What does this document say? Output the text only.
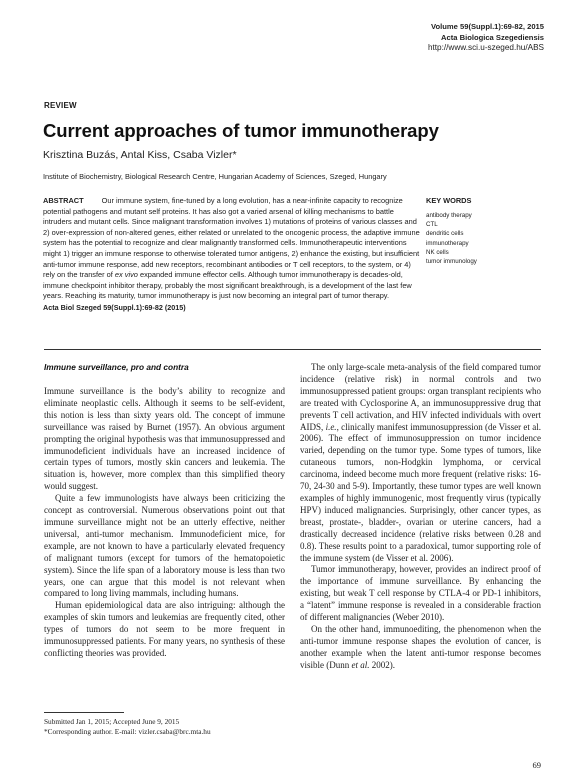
Volume 59(Suppl.1):69-82, 2015
Acta Biologica Szegediensis
http://www.sci.u-szeged.hu/ABS
REVIEW
Current approaches of tumor immunotherapy
Krisztina Buzás, Antal Kiss, Csaba Vizler*
Institute of Biochemistry, Biological Research Centre, Hungarian Academy of Sciences, Szeged, Hungary
ABSTRACT Our immune system, fine-tuned by a long evolution, has a near-infinite capacity to recognize potential pathogens and mutant self proteins. It has also got a varied arsenal of killing mechanisms to battle intruders and mutant cells. Since malignant transformation involves 1) mutations of proteins of various classes and 2) over-expression of non-altered genes, either related or unrelated to the oncogenic process, the adaptive immune system has the potential to recognize and clear malignantly transformed cells. Immunotherapeutic interventions might 1) trigger an immune response to otherwise tolerated tumor antigens, 2) enhance the existing, but insufficient anti-tumor immune response, add new receptors, recombinant antibodies or T cell receptors, to the system, or 4) rely on the transfer of ex vivo expanded immune effector cells. Although tumor immunotherapy is decades-old, immune checkpoint inhibitor therapy, probably the most significant breakthrough, is a development of the last few years. Reaching its maturity, tumor immunotherapy is just now becoming an integral part of tumor therapy.
Acta Biol Szeged 59(Suppl.1):69-82 (2015)
KEY WORDS
antibody therapy
CTL
dendritic cells
immunotherapy
NK cells
tumor immunology
Immune surveillance, pro and contra

Immune surveillance is the body’s ability to recognize and eliminate neoplastic cells. Although it seems to be self-evident, this notion is less than sixty years old. The concept of immune surveillance was raised by Burnet (1957). An obvious argument prompting the original hypothesis was that immunosuppressed and immunodeficient individuals have an increased incidence of certain types of tumors, mostly skin cancers and leukemia. The situation is, however, more complex than this simplified theory would suggest.

Quite a few immunologists have always been criticizing the concept as controversial. Numerous observations point out that immune surveillance might not be an utterly effective, neither universal, anti-tumor mechanism. Immunodeficient mice, for example, are not known to have a particularly elevated frequency of malignant tumors (except for tumors of the hematopoietic system). Since the life span of a laboratory mouse is less than two years, one can argue that this model is not relevant when compared to long living mammals, including humans.

Human epidemiological data are also intriguing: although the examples of skin tumors and leukemias are frequently cited, other types of tumors do not seem to be more frequent in immunosuppressed patients. For many years, no synthesis of these conflicting theories was provided.

The only large-scale meta-analysis of the field compared tumor incidence (relative risk) in normal controls and two immunosuppressed patient groups: organ transplant recipients who are treated with Cyclosporine A, an immunosuppressive drug that prevents T cell activation, and HIV infected individuals with overt AIDS, i.e., clinically manifest immunosuppression (de Visser et al. 2006). The effect of immunosuppression on tumor incidence varied, depending on the tumor type. Some types of tumors, like cutaneous tumors, non-Hodgkin lymphoma, or cervical carcinoma, indeed become much more frequent (relative risks: 16-70, 24-30 and 5-9). Importantly, these tumor types are well known examples of highly immunogenic, most frequently virus (typically HPV) induced malignancies. Surprisingly, other cancer types, as breast, prostate-, bladder-, ovarian or uterine cancers, had a drastically decreased incidence (relative risks between 0.28 and 0.8). These results point to a paradoxical, tumor supporting role of the immune system (de Visser et al. 2006).

Tumor immunotherapy, however, provides an indirect proof of the importance of immune surveillance. By enhancing the existing, but weak T cell response by CTLA-4 or PD-1 inhibitors, a “latent” immune response is revealed in a considerable fraction of different malignancies (Weber 2010).

On the other hand, immunoediting, the phenomenon when the anti-tumor immune response shapes the evolution of cancer, is another example when the latent anti-tumor response becomes visible (Dunn et al. 2002).

Submitted Jan 1, 2015; Accepted June 9, 2015
*Corresponding author. E-mail: vizler.csaba@brc.mta.hu
69
